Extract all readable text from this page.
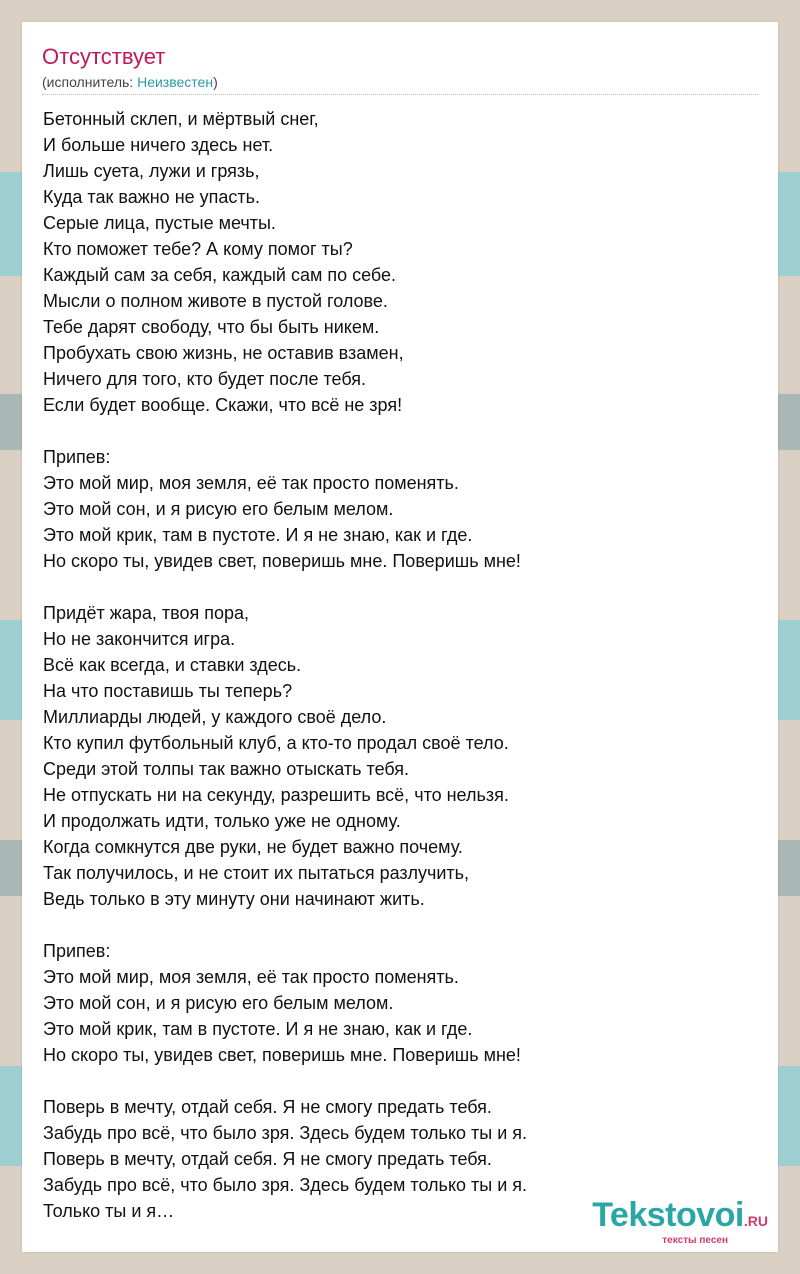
Отсутствует
(исполнитель: Неизвестен)
Бетонный склеп, и мёртвый снег,
И больше ничего здесь нет.
Лишь суета, лужи и грязь,
Куда так важно не упасть.
Серые лица, пустые мечты.
Кто поможет тебе? А кому помог ты?
Каждый сам за себя, каждый сам по себе.
Мысли о полном животе в пустой голове.
Тебе дарят свободу, что бы быть никем.
Пробухать свою жизнь, не оставив взамен,
Ничего для того, кто будет после тебя.
Если будет вообще. Скажи, что всё не зря!
Припев:
Это мой мир, моя земля, её так просто поменять.
Это мой сон, и я рисую его белым мелом.
Это мой крик, там в пустоте. И я не знаю, как и где.
Но скоро ты, увидев свет, поверишь мне. Поверишь мне!
Придёт жара, твоя пора,
Но не закончится игра.
Всё как всегда, и ставки здесь.
На что поставишь ты теперь?
Миллиарды людей, у каждого своё дело.
Кто купил футбольный клуб, а кто-то продал своё тело.
Среди этой толпы так важно отыскать тебя.
Не отпускать ни на секунду, разрешить всё, что нельзя.
И продолжать идти, только уже не одному.
Когда сомкнутся две руки, не будет важно почему.
Так получилось, и не стоит их пытаться разлучить,
Ведь только в эту минуту они начинают жить.
Припев:
Это мой мир, моя земля, её так просто поменять.
Это мой сон, и я рисую его белым мелом.
Это мой крик, там в пустоте. И я не знаю, как и где.
Но скоро ты, увидев свет, поверишь мне. Поверишь мне!
Поверь в мечту, отдай себя. Я не смогу предать тебя.
Забудь про всё, что было зря. Здесь будем только ты и я.
Поверь в мечту, отдай себя. Я не смогу предать тебя.
Забудь про всё, что было зря. Здесь будем только ты и я.
Только ты и я…	Tekstovoi.RU
тексты песен
